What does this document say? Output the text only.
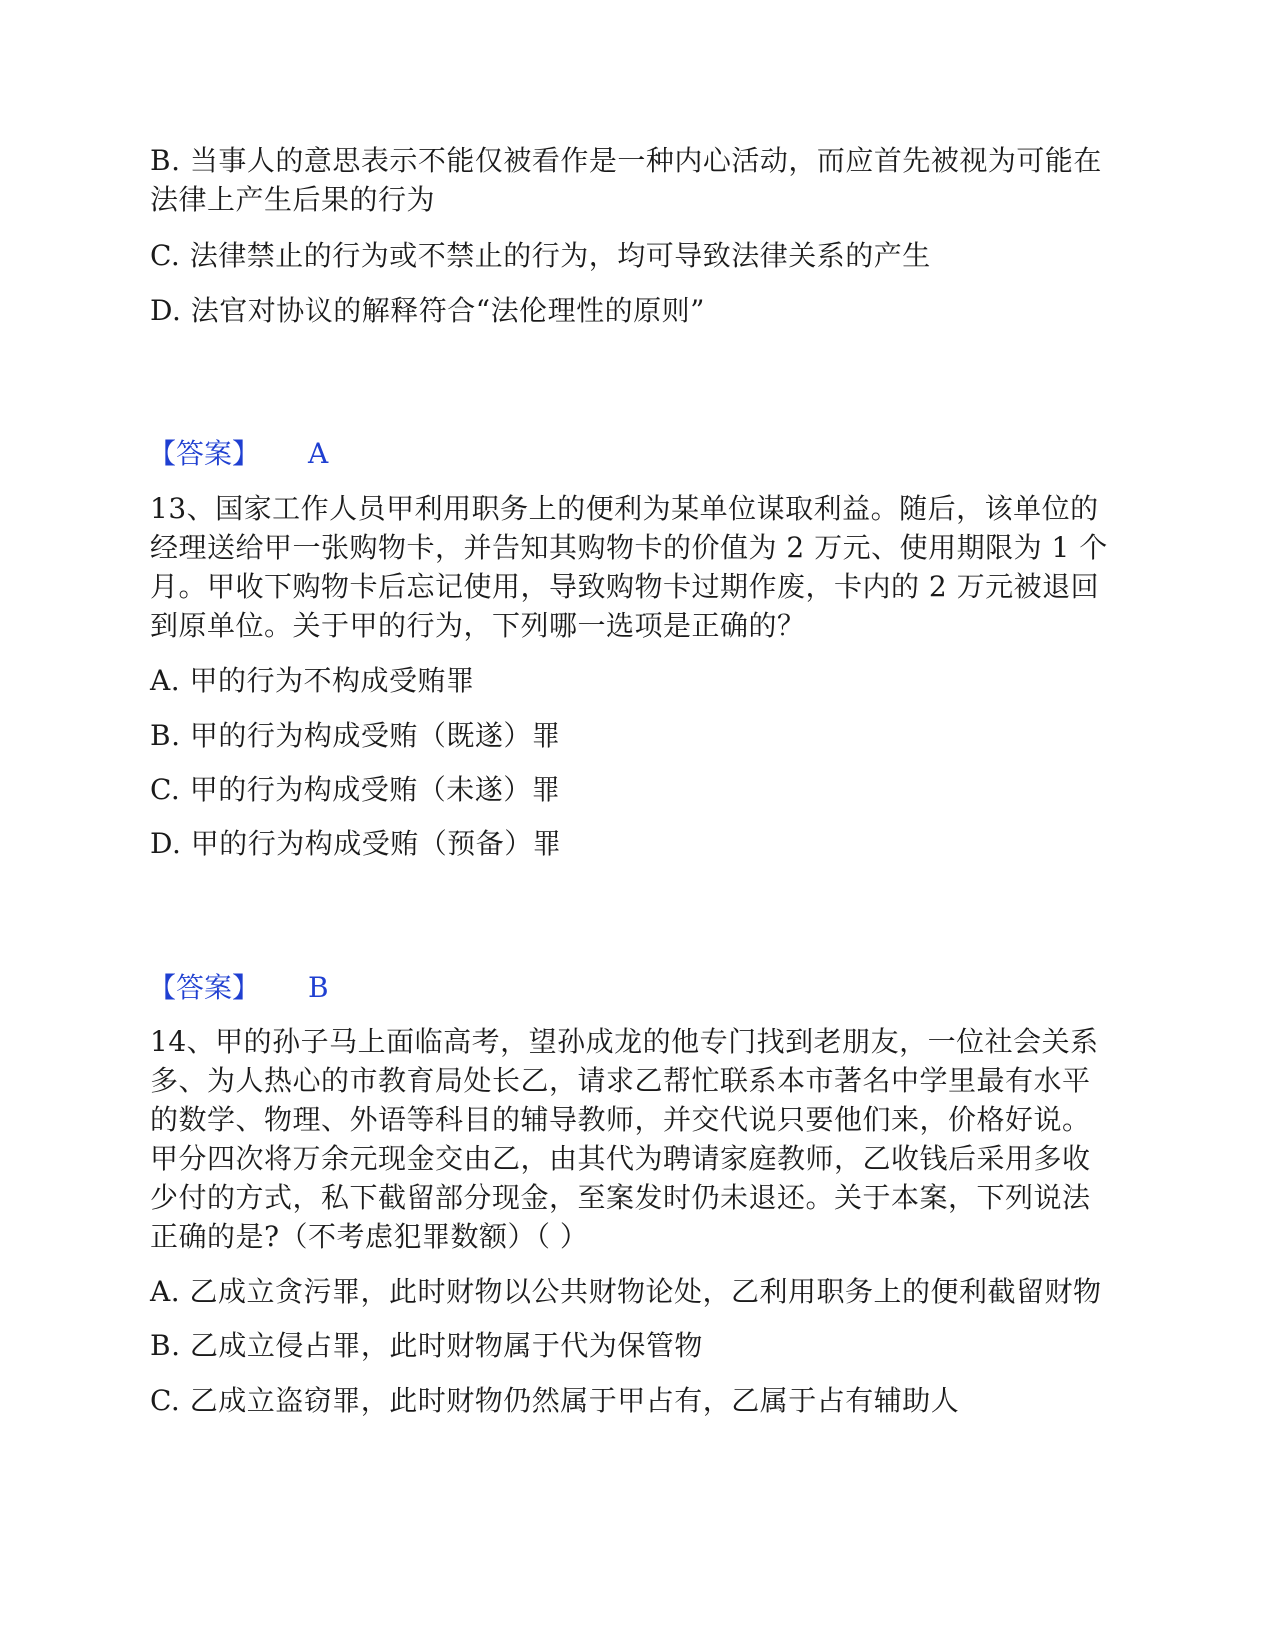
B. 当事人的意思表示不能仅被看作是一种内心活动，而应首先被视为可能在
法律上产生后果的行为
C. 法律禁止的行为或不禁止的行为，均可导致法律关系的产生
D. 法官对协议的解释符合“法伦理性的原则”
【答案】 A
13、国家工作人员甲利用职务上的便利为某单位谋取利益。随后，该单位的
经理送给甲一张购物卡，并告知其购物卡的价值为 2 万元、使用期限为 1 个
月。甲收下购物卡后忘记使用，导致购物卡过期作废，卡内的 2 万元被退回
到原单位。关于甲的行为，下列哪一选项是正确的？
A. 甲的行为不构成受贿罪
B. 甲的行为构成受贿（既遂）罪
C. 甲的行为构成受贿（未遂）罪
D. 甲的行为构成受贿（预备）罪
【答案】 B
14、甲的孙子马上面临高考，望孙成龙的他专门找到老朋友，一位社会关系
多、为人热心的市教育局处长乙，请求乙帮忙联系本市著名中学里最有水平
的数学、物理、外语等科目的辅导教师，并交代说只要他们来，价格好说。
甲分四次将万余元现金交由乙，由其代为聘请家庭教师，乙收钱后采用多收
少付的方式，私下截留部分现金，至案发时仍未退还。关于本案，下列说法
正确的是?（不考虑犯罪数额）（ ）
A. 乙成立贪污罪，此时财物以公共财物论处，乙利用职务上的便利截留财物
B. 乙成立侵占罪，此时财物属于代为保管物
C. 乙成立盗窃罪，此时财物仍然属于甲占有，乙属于占有辅助人
